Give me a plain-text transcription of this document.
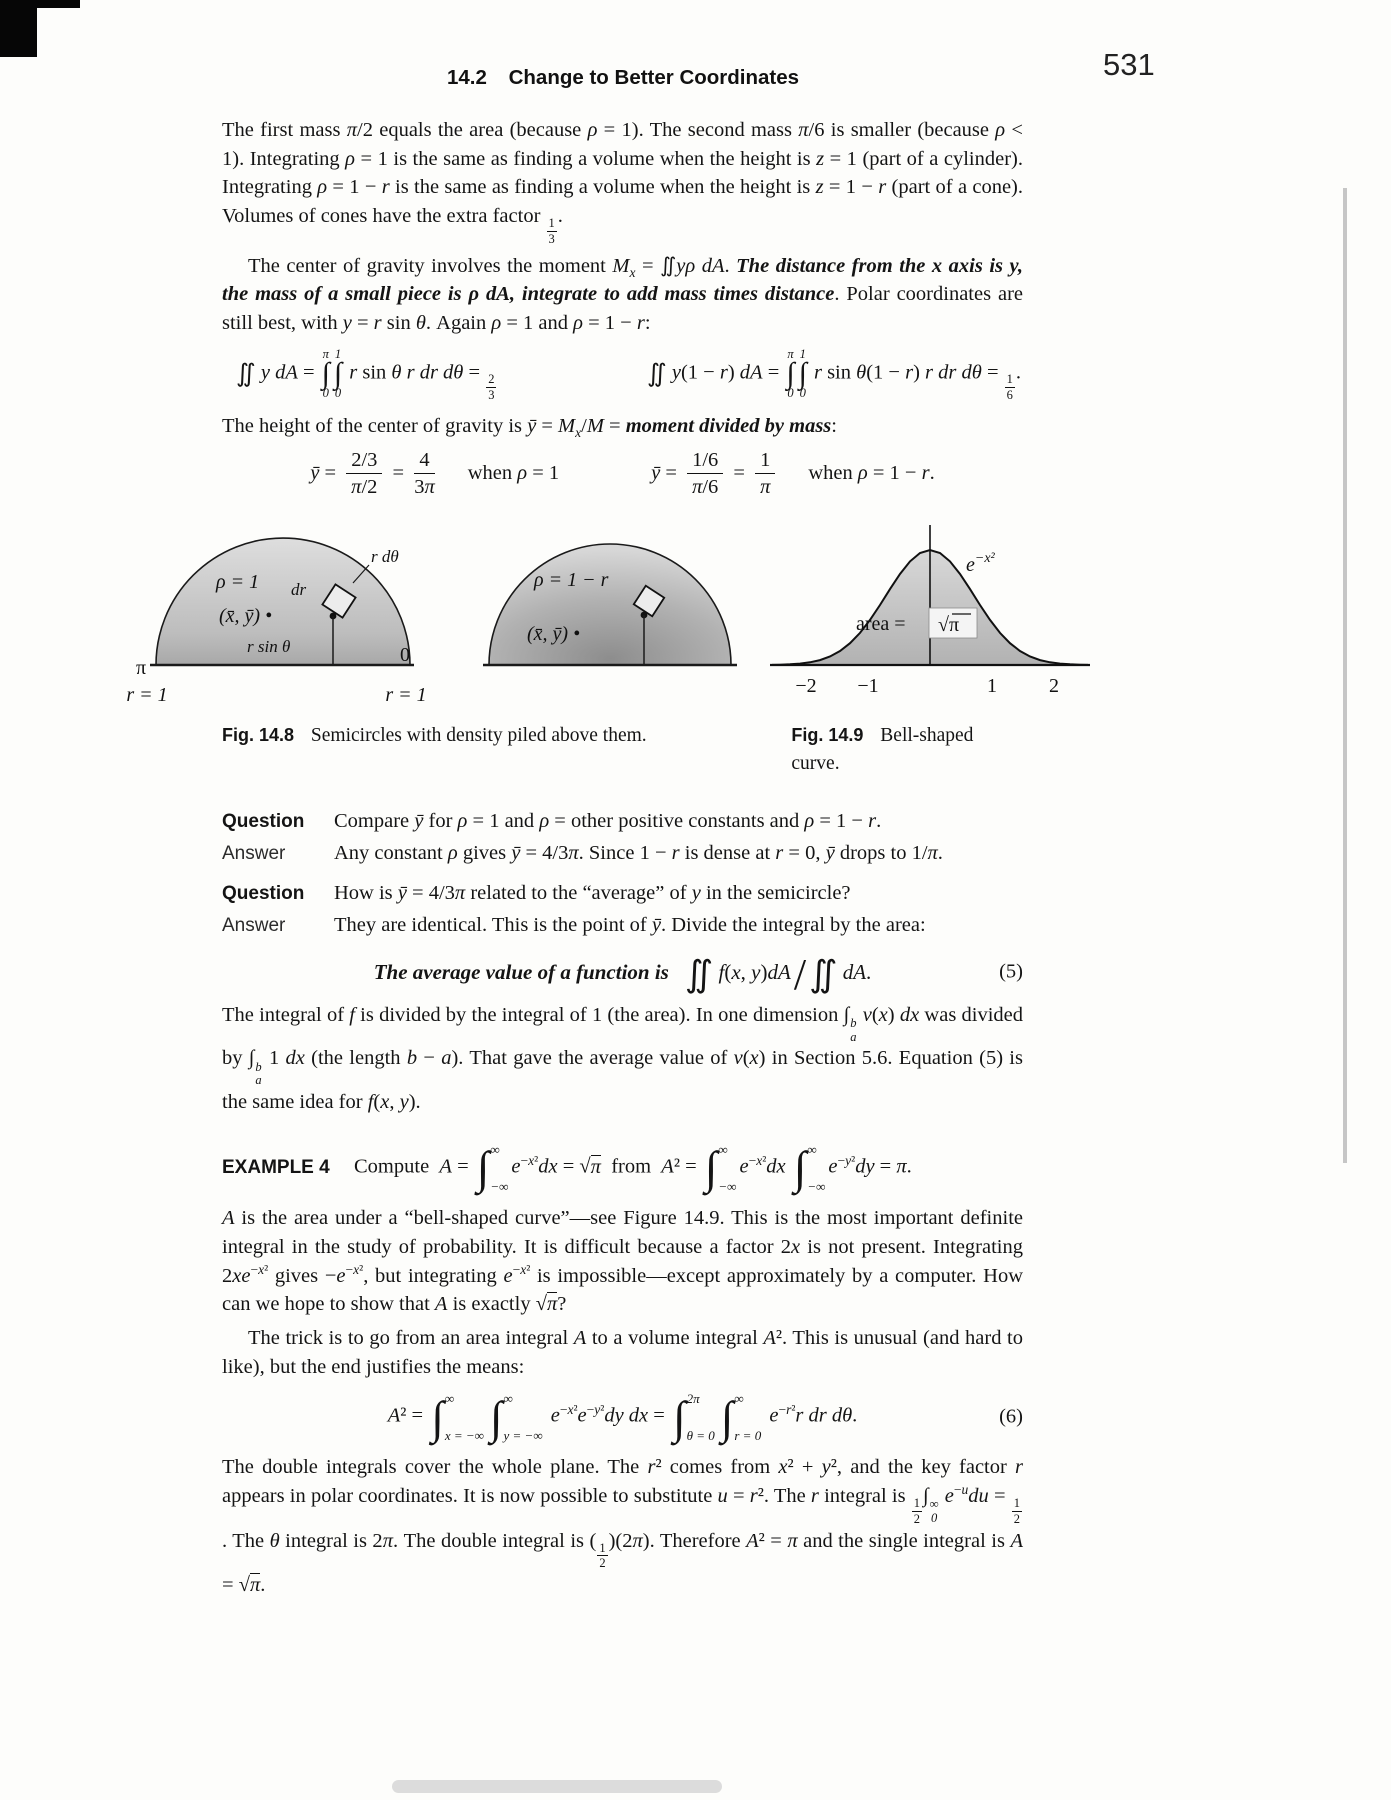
14.2 Change to Better Coordinates	531

The first mass π/2 equals the area (because ρ = 1). The second mass π/6 is smaller (because ρ < 1). Integrating ρ = 1 is the same as finding a volume when the height is z = 1 (part of a cylinder). Integrating ρ = 1 − r is the same as finding a volume when the height is z = 1 − r (part of a cone). Volumes of cones have the extra factor
$\frac{1}{3}$
.

The center of gravity involves the moment $M_x$ = ∬yρ dA. The distance from the x axis is y, the mass of a small piece is ρ dA, integrate to add mass times distance. Polar coordinates are still best, with y = r sin θ. Again ρ = 1 and ρ = 1 − r:

∬ y dA =
π
∫
0
1
∫
0
r sin θ r dr dθ =
$\frac{2}{3}$	∬ y(1 − r) dA =
π
∫
0
1
∫
0
r sin θ(1 − r) r dr dθ =
$\frac{1}{6}$
.

The height of the center of gravity is ȳ = $M_x/M$ = moment divided by mass:

ȳ = $\frac{2/3}{\pi/2} = \frac{4}{3\pi}$ when ρ = 1	ȳ = $\frac{1/6}{\pi/6} = \frac{1}{\pi}$ when ρ = 1 − r.
ρ = 1 dr
r dθ
(x̄, ȳ) •
r sin θ
π
r = 1
0
r = 1
ρ = 1 − r
(x̄, ȳ) •
$e^{-x^2}$
area = √π
−2 −1	1	2
Fig. 14.8 Semicircles with density piled above them.	Fig. 14.9 Bell-shaped curve.
Question	Compare ȳ for ρ = 1 and ρ = other positive constants and ρ = 1 − r.
Answer	Any constant ρ gives ȳ = 4/3π. Since 1 − r is dense at r = 0, ȳ drops to 1/π.
Question	How is ȳ = 4/3π related to the “average” of y in the semicircle?
Answer	They are identical. This is the point of ȳ. Divide the integral by the area:
The average value of a function is ∬ f(x, y)dA/∬ dA.	(5)

The integral of f is divided by the integral of 1 (the area). In one dimension ∫ b
a
v(x) dx was divided by ∫ b
a
1 dx (the length b − a). That gave the average value of v(x) in Section 5.6. Equation (5) is the same idea for f(x, y).

EXAMPLE 4	Compute  A = ∫ ∞
−∞
$e^{-x^2}dx = √\pi$  from  A² = ∫ ∞
−∞
$e^{-x^2}dx$ ∫ ∞
−∞
$e^{-y^2}dy = \pi$.

A is the area under a “bell-shaped curve”—see Figure 14.9. This is the most important definite integral in the study of probability. It is difficult because a factor 2x is not present. Integrating $2xe^{-x^2}$ gives $-e^{-x^2}$, but integrating $e^{-x^2}$ is impossible—except approximately by a computer. How can we hope to show that A is exactly √π?

The trick is to go from an area integral A to a volume integral A². This is unusual (and hard to like), but the end justifies the means:

A² = ∫ ∞
x = −∞ ∫ ∞
y = −∞
$e^{-x^2}e^{-y^2}dy$ dx = ∫ 2π
θ = 0 ∫ ∞
r = 0
$e^{-r^2}r$ dr dθ.	(6)

The double integrals cover the whole plane. The r² comes from x² + y², and the key factor r appears in polar coordinates. It is now possible to substitute u = r². The r integral is
$\frac{1}{2}$
∫ ∞
0
$e^{-u}du$ =
$\frac{1}{2}$
. The θ integral is 2π. The double integral is (
$\frac{1}{2}$
)(2π). Therefore A² = π and the single integral is A = √π.
